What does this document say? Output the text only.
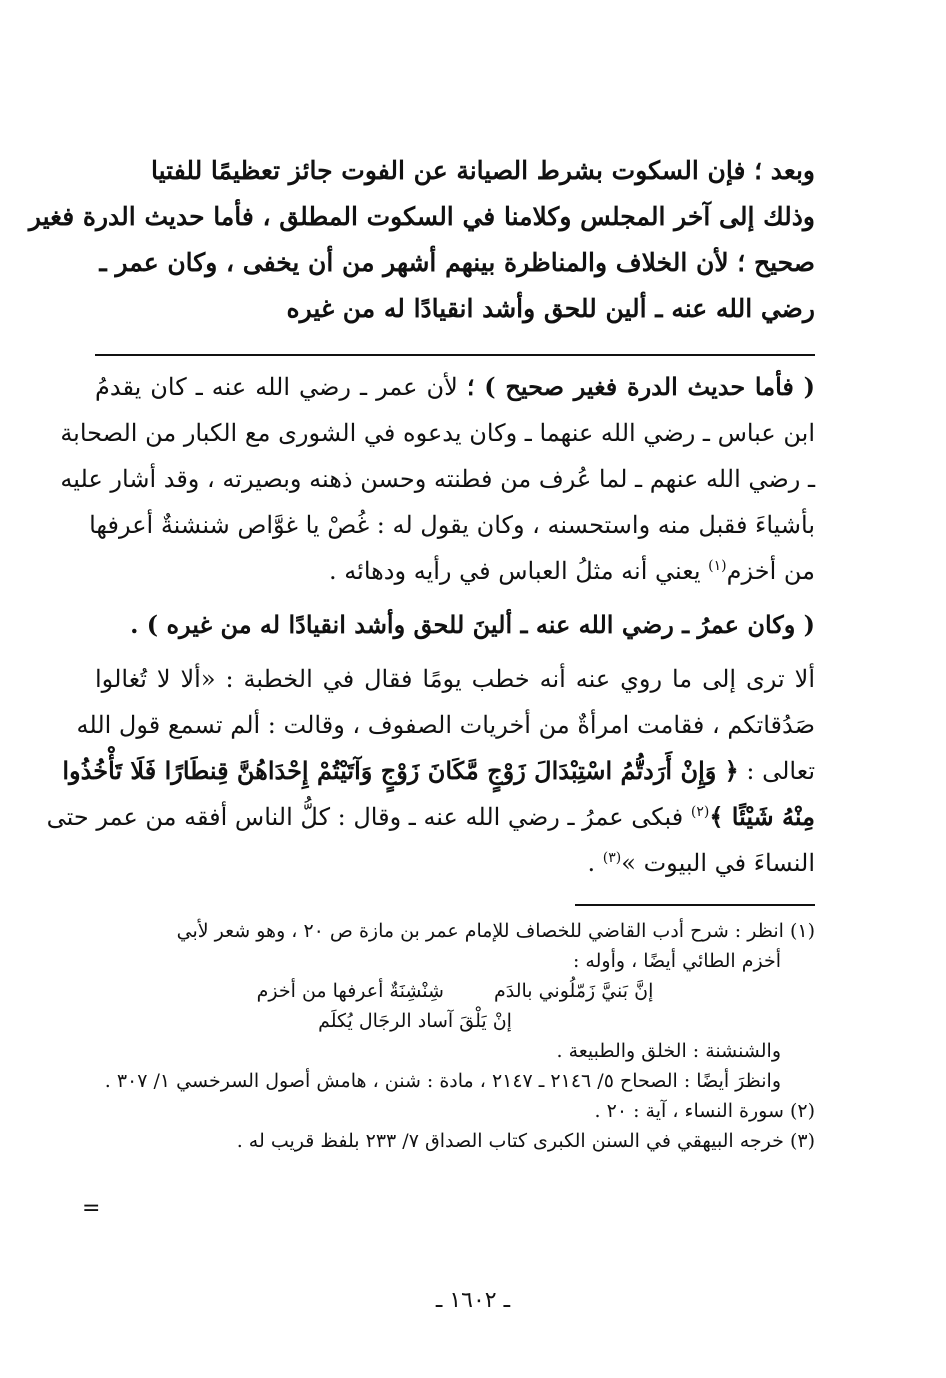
وبعد ؛ فإن السكوت بشرط الصيانة عن الفوت جائز تعظيمًا للفتيا

وذلك إلى آخر المجلس وكلامنا في السكوت المطلق ، فأما حديث الدرة فغير

صحيح ؛ لأن الخلاف والمناظرة بينهم أشهر من أن يخفى ، وكان عمر ـ

رضي الله عنه ـ ألين للحق وأشد انقيادًا له من غيره

( فأما حديث الدرة فغير صحيح ) ؛ لأن عمر ـ رضي الله عنه ـ كان يقدمُ
ابن عباس ـ رضي الله عنهما ـ وكان يدعوه في الشورى مع الكبار من الصحابة
ـ رضي الله عنهم ـ لما عُرف من فطنته وحسن ذهنه وبصيرته ، وقد أشار عليه
بأشياءَ فقبل منه واستحسنه ، وكان يقول له : غُصْ يا غوَّاص شنشنةٌ أعرفها
من أخزم$^{(١)}$ يعني أنه مثلُ العباس في رأيه ودهائه .
( وكان عمرُ ـ رضي الله عنه ـ ألينَ للحق وأشد انقيادًا له من غيره ) .
ألا ترى إلى ما روي عنه أنه خطب يومًا فقال في الخطبة : «ألا لا تُغالوا
صَدُقاتكم ، فقامت امرأةٌ من أخريات الصفوف ، وقالت : ألم تسمع قول الله
تعالى : ﴿ وَإِنْ أَرَدتُّمُ اسْتِبْدَالَ زَوْجٍ مَّكَانَ زَوْجٍ وَآتَيْتُمْ إِحْدَاهُنَّ قِنطَارًا فَلَا تَأْخُذُوا
مِنْهُ شَيْئًا ﴾$^{(٢)}$ فبكى عمرُ ـ رضي الله عنه ـ وقال : كلُّ الناس أفقه من عمر حتى
النساءَ في البيوت »$^{(٣)}$ .
(١) انظر : شرح أدب القاضي للخصاف للإمام عمر بن مازة ص ٢٠ ، وهو شعر لأبي
أخزم الطائي أيضًا ، وأوله :
إنَّ بَنيَّ زَمّلُوني بالدَم
شِنْشِنَةٌ أعرفها من أخزم
إنْ يَلْقَ آساد الرجَال يُكلَم
والشنشنة : الخلق والطبيعة .
وانظرَ أيضًا : الصحاح ٥/ ٢١٤٦ ـ ٢١٤٧ ، مادة : شنن ، هامش أصول السرخسي ١/ ٣٠٧ .
(٢) سورة النساء ، آية : ٢٠ .
(٣) خرجه البيهقي في السنن الكبرى كتاب الصداق ٧/ ٢٣٣ بلفظ قريب له .
=
ـ ١٦٠٢ ـ
